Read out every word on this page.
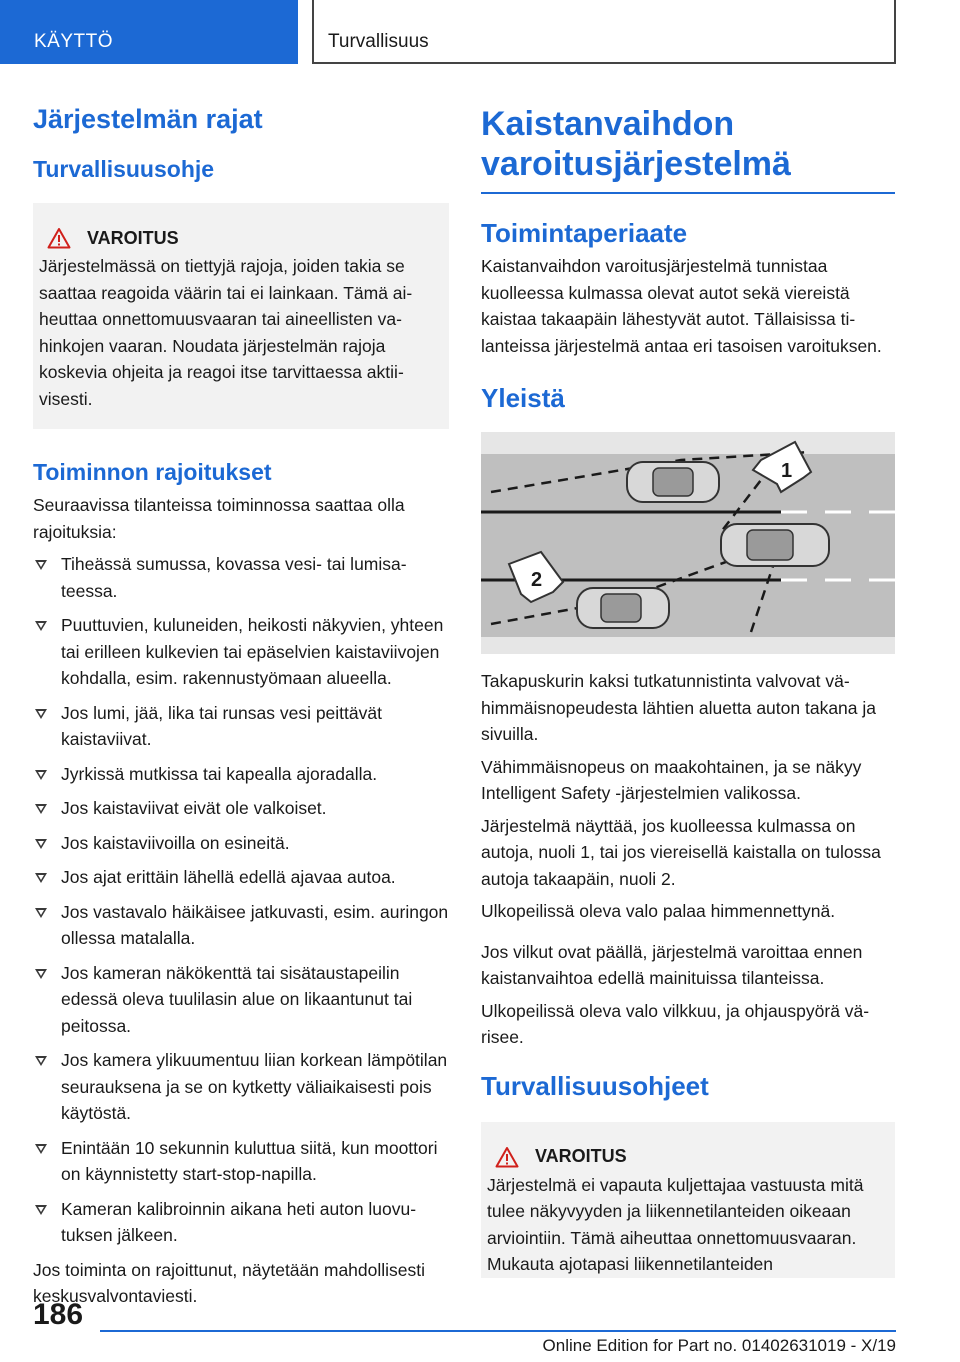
KÄYTTÖ	Turvallisuus
Järjestelmän rajat
Turvallisuusohje
VAROITUS

Järjestelmässä on tiettyjä rajoja, joiden takia se saattaa reagoida väärin tai ei lainkaan. Tämä aiheuttaa onnettomuusvaaran tai aineellisten vahinkojen vaaran. Noudata järjestelmän rajoja koskevia ohjeita ja reagoi itse tarvittaessa aktiivisesti.

Toiminnon rajoitukset

Seuraavissa tilanteissa toiminnossa saattaa olla rajoituksia:

Tiheässä sumussa, kovassa vesi- tai lumisateessa.
Puuttuvien, kuluneiden, heikosti näkyvien, yhteen tai erilleen kulkevien tai epäselvien kaistaviivojen kohdalla, esim. rakennustyömaan alueella.
Jos lumi, jää, lika tai runsas vesi peittävät kaistaviivat.
Jyrkissä mutkissa tai kapealla ajoradalla.
Jos kaistaviivat eivät ole valkoiset.
Jos kaistaviivoilla on esineitä.
Jos ajat erittäin lähellä edellä ajavaa autoa.
Jos vastavalo häikäisee jatkuvasti, esim. auringon ollessa matalalla.
Jos kameran näkökenttä tai sisätaustapeilin edessä oleva tuulilasin alue on likaantunut tai peitossa.
Jos kamera ylikuumentuu liian korkean lämpötilan seurauksena ja se on kytketty väliaikaisesti pois käytöstä.
Enintään 10 sekunnin kuluttua siitä, kun moottori on käynnistetty start-stop-napilla.
Kameran kalibroinnin aikana heti auton luovutuksen jälkeen.

Jos toiminta on rajoittunut, näytetään mahdollisesti keskusvalvontaviesti.

Kaistanvaihdon varoitusjärjestelmä
Toimintaperiaate

Kaistanvaihdon varoitusjärjestelmä tunnistaa kuolleessa kulmassa olevat autot sekä viereistä kaistaa takaapäin lähestyvät autot. Tällaisissa tilanteissa järjestelmä antaa eri tasoisen varoituksen.

Yleistä
1
2

Takapuskurin kaksi tutkatunnistinta valvovat vähimmäisnopeudesta lähtien aluetta auton takana ja sivuilla.

Vähimmäisnopeus on maakohtainen, ja se näkyy Intelligent Safety -järjestelmien valikossa.

Järjestelmä näyttää, jos kuolleessa kulmassa on autoja, nuoli 1, tai jos viereisellä kaistalla on tulossa autoja takaapäin, nuoli 2.

Ulkopeilissä oleva valo palaa himmennettynä.

Jos vilkut ovat päällä, järjestelmä varoittaa ennen kaistanvaihtoa edellä mainituissa tilanteissa.

Ulkopeilissä oleva valo vilkkuu, ja ohjauspyörä värisee.

Turvallisuusohjeet
VAROITUS

Järjestelmä ei vapauta kuljettajaa vastuusta mitä tulee näkyvyyden ja liikennetilanteiden oikeaan arviointiin. Tämä aiheuttaa onnettomuusvaaran. Mukauta ajotapasi liikennetilanteiden

186
Online Edition for Part no. 01402631019 - X/19
